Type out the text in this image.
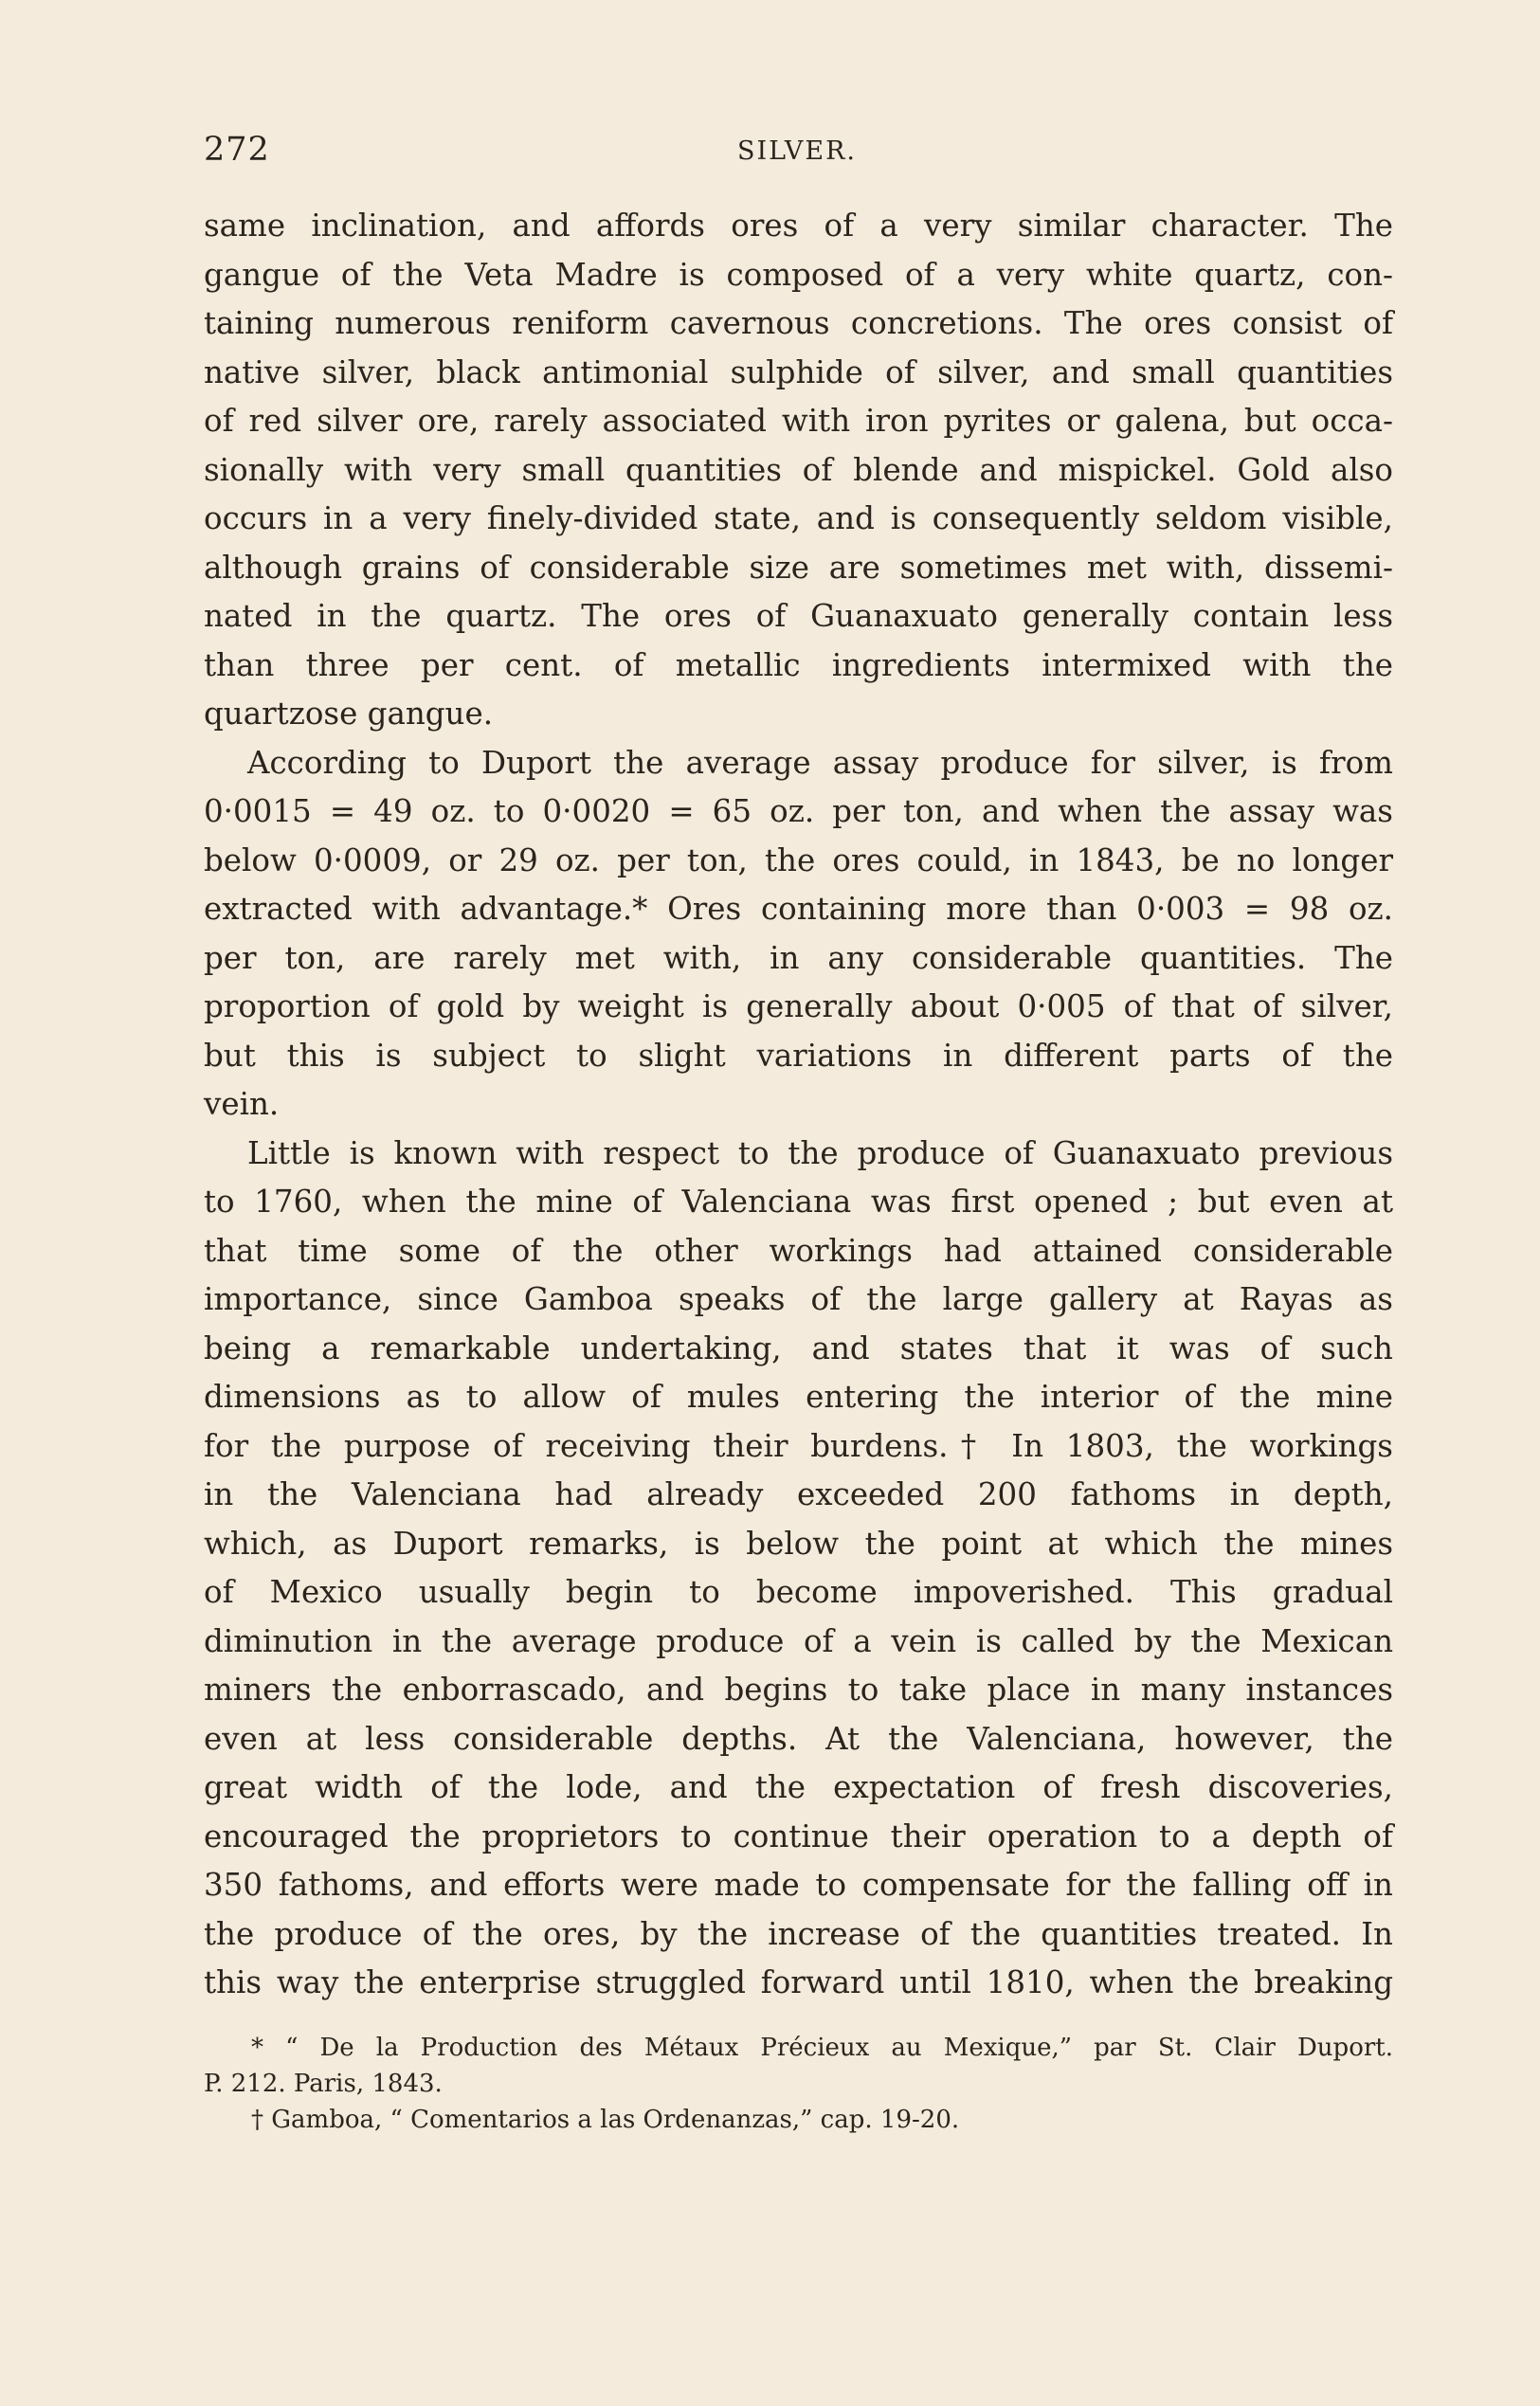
272	SILVER.
same inclination, and affords ores of a very similar character. The
gangue of the Veta Madre is composed of a very white quartz, con-
taining numerous reniform cavernous concretions. The ores consist of
native silver, black antimonial sulphide of silver, and small quantities
of red silver ore, rarely associated with iron pyrites or galena, but occa-
sionally with very small quantities of blende and mispickel. Gold also
occurs in a very finely-divided state, and is consequently seldom visible,
although grains of considerable size are sometimes met with, dissemi-
nated in the quartz. The ores of Guanaxuato generally contain less
than three per cent. of metallic ingredients intermixed with the
quartzose gangue.
According to Duport the average assay produce for silver, is from
0·0015 = 49 oz. to 0·0020 = 65 oz. per ton, and when the assay was
below 0·0009, or 29 oz. per ton, the ores could, in 1843, be no longer
extracted with advantage.* Ores containing more than 0·003 = 98 oz.
per ton, are rarely met with, in any considerable quantities. The
proportion of gold by weight is generally about 0·005 of that of silver,
but this is subject to slight variations in different parts of the
vein.
Little is known with respect to the produce of Guanaxuato previous
to 1760, when the mine of Valenciana was first opened ; but even at
that time some of the other workings had attained considerable
importance, since Gamboa speaks of the large gallery at Rayas as
being a remarkable undertaking, and states that it was of such
dimensions as to allow of mules entering the interior of the mine
for the purpose of receiving their burdens.† In 1803, the workings
in the Valenciana had already exceeded 200 fathoms in depth,
which, as Duport remarks, is below the point at which the mines
of Mexico usually begin to become impoverished. This gradual
diminution in the average produce of a vein is called by the Mexican
miners the enborrascado, and begins to take place in many instances
even at less considerable depths. At the Valenciana, however, the
great width of the lode, and the expectation of fresh discoveries,
encouraged the proprietors to continue their operation to a depth of
350 fathoms, and efforts were made to compensate for the falling off in
the produce of the ores, by the increase of the quantities treated. In
this way the enterprise struggled forward until 1810, when the breaking
* “ De la Production des Métaux Précieux au Mexique,” par St. Clair Duport.
P. 212. Paris, 1843.
† Gamboa, “ Comentarios a las Ordenanzas,” cap. 19-20.
